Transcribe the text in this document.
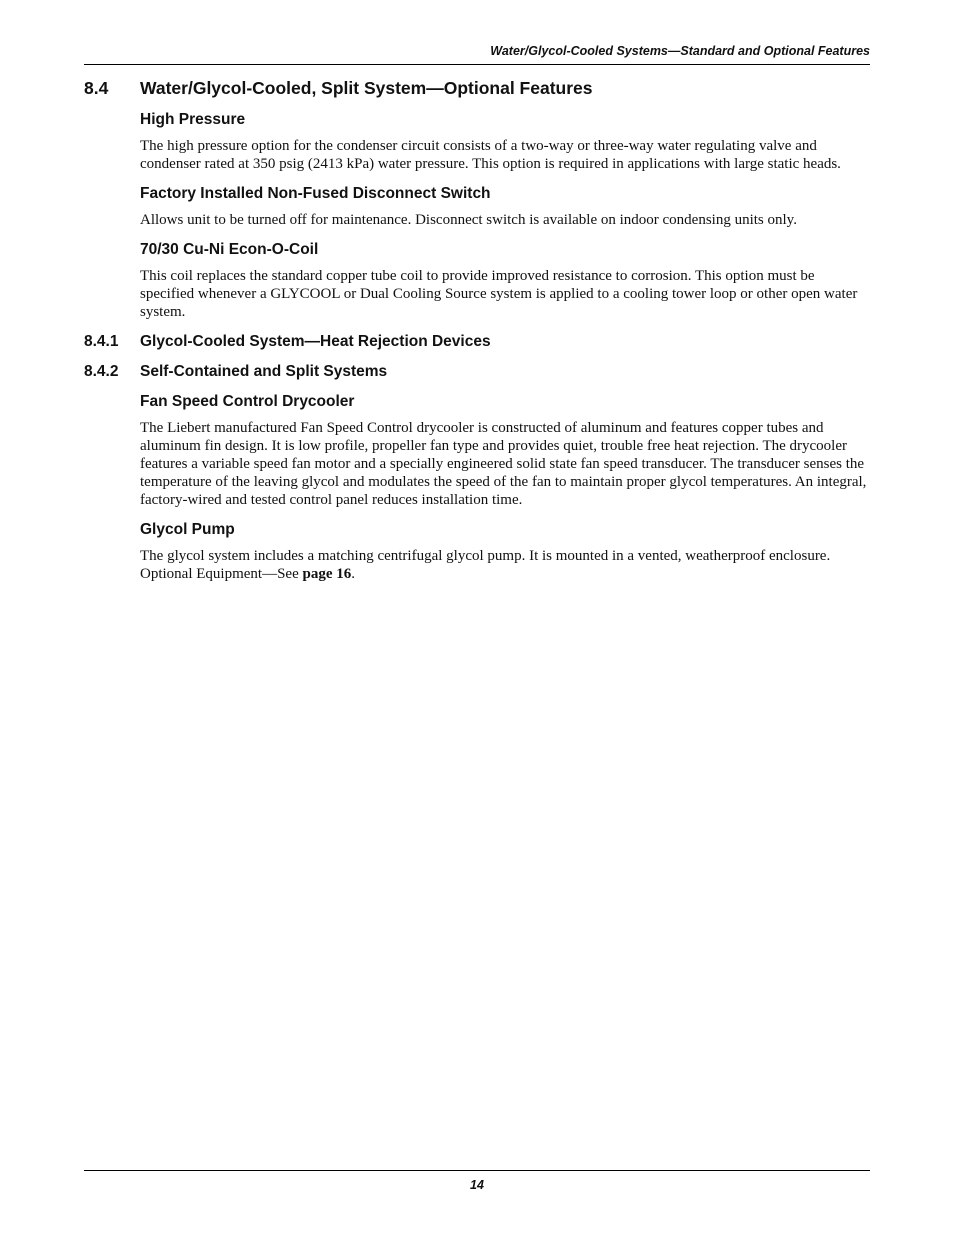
Water/Glycol-Cooled Systems—Standard and Optional Features
8.4	Water/Glycol-Cooled, Split System—Optional Features
High Pressure

The high pressure option for the condenser circuit consists of a two-way or three-way water regulating valve and condenser rated at 350 psig (2413 kPa) water pressure. This option is required in applications with large static heads.

Factory Installed Non-Fused Disconnect Switch

Allows unit to be turned off for maintenance. Disconnect switch is available on indoor condensing units only.

70/30 Cu-Ni Econ-O-Coil

This coil replaces the standard copper tube coil to provide improved resistance to corrosion. This option must be specified whenever a GLYCOOL or Dual Cooling Source system is applied to a cooling tower loop or other open water system.

8.4.1	Glycol-Cooled System—Heat Rejection Devices
8.4.2	Self-Contained and Split Systems
Fan Speed Control Drycooler

The Liebert manufactured Fan Speed Control drycooler is constructed of aluminum and features copper tubes and aluminum fin design. It is low profile, propeller fan type and provides quiet, trouble free heat rejection. The drycooler features a variable speed fan motor and a specially engineered solid state fan speed transducer. The transducer senses the temperature of the leaving glycol and modulates the speed of the fan to maintain proper glycol temperatures. An integral, factory-wired and tested control panel reduces installation time.

Glycol Pump

The glycol system includes a matching centrifugal glycol pump. It is mounted in a vented, weatherproof enclosure. Optional Equipment—See page 16.

14
